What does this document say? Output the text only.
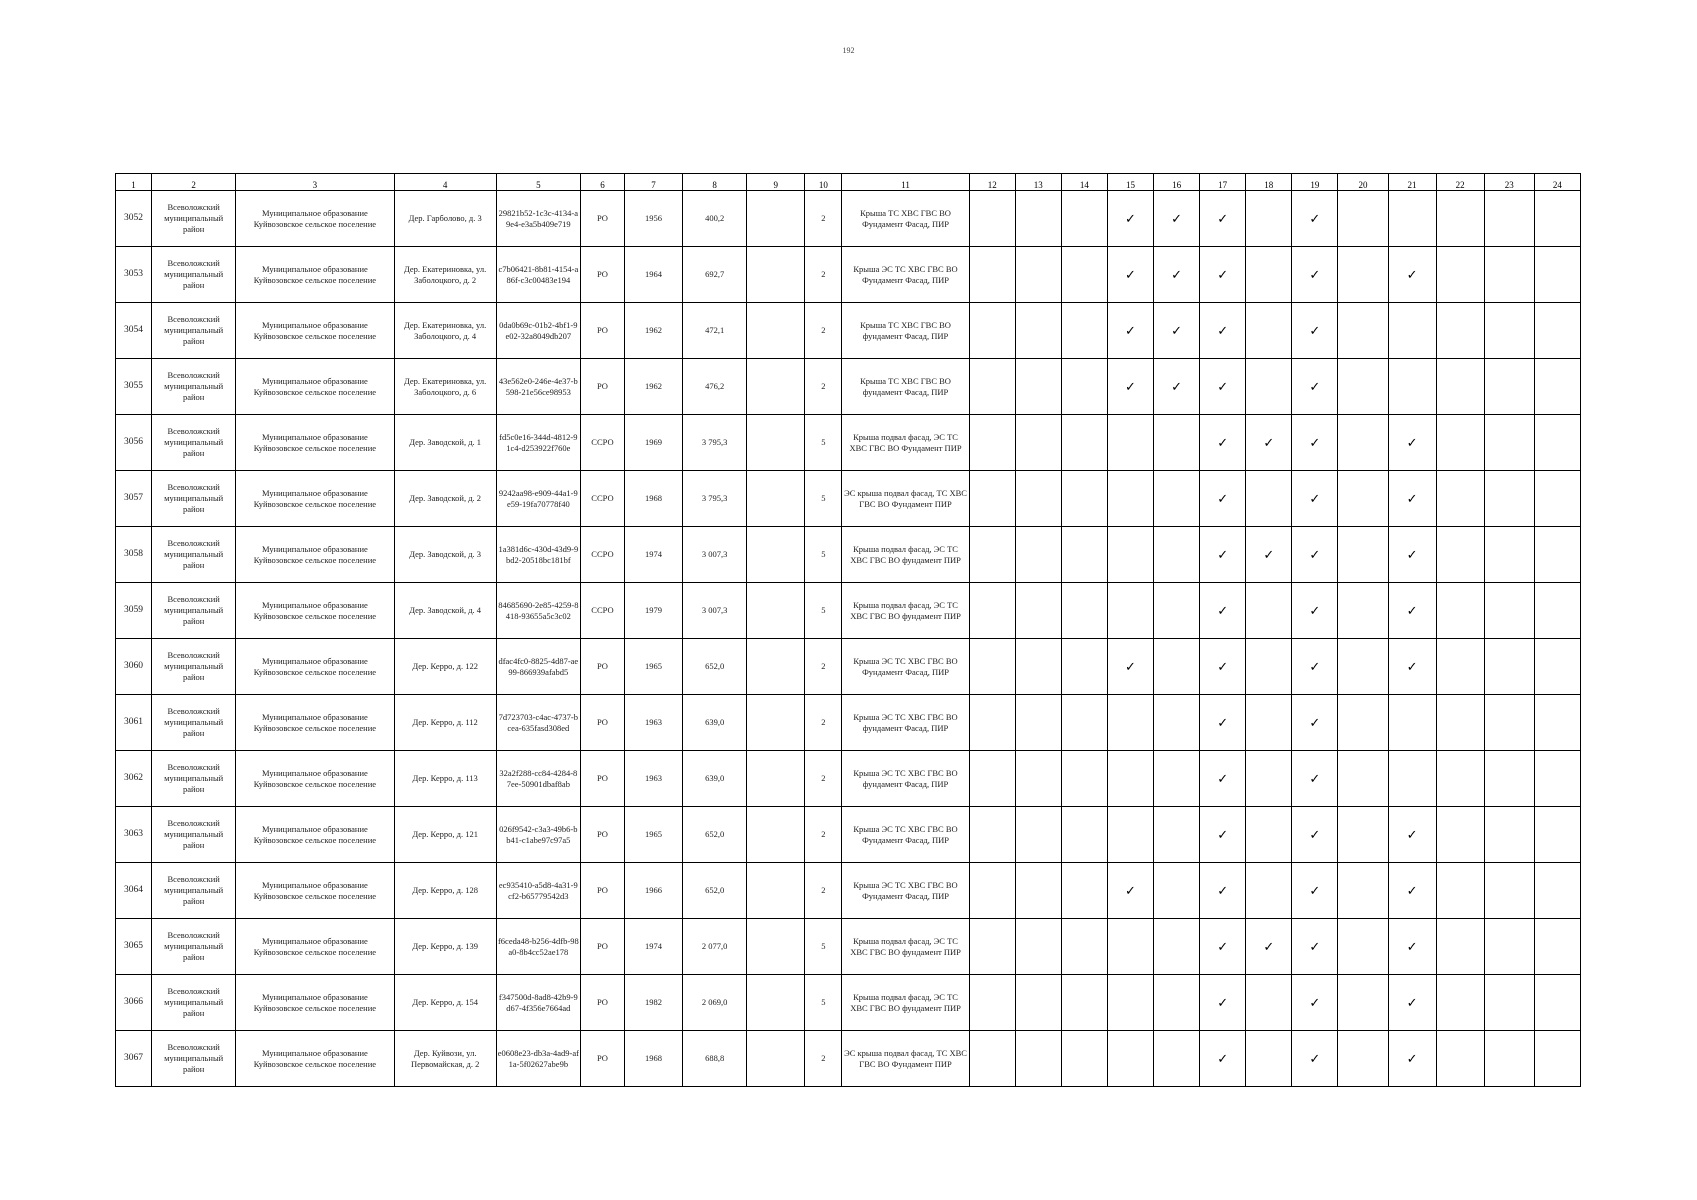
192
1	2	3	4	5	6	7	8	9	10	11	12	13	14	15	16	17	18	19	20	21	22	23	24
3052	Всеволожский муниципальный район	Муниципальное образование Куйвозовское сельское поселение	Дер. Гарболово, д. 3	29821b52-1c3c-4134-a9e4-e3a5b409e719	РО	1956	400,2		2	Крыша ТС ХВС ГВС ВО Фундамент Фасад, ПИР				✓	✓	✓		✓					
3053	Всеволожский муниципальный район	Муниципальное образование Куйвозовское сельское поселение	Дер. Екатериновка, ул. Заболоцкого, д. 2	c7b06421-8b81-4154-a86f-c3c00483e194	РО	1964	692,7		2	Крыша ЭС ТС ХВС ГВС ВО Фундамент Фасад, ПИР				✓	✓	✓		✓		✓			
3054	Всеволожский муниципальный район	Муниципальное образование Куйвозовское сельское поселение	Дер. Екатериновка, ул. Заболоцкого, д. 4	0da0b69c-01b2-4bf1-9e02-32a8049db207	РО	1962	472,1		2	Крыша ТС ХВС ГВС ВО фундамент Фасад, ПИР				✓	✓	✓		✓					
3055	Всеволожский муниципальный район	Муниципальное образование Куйвозовское сельское поселение	Дер. Екатериновка, ул. Заболоцкого, д. 6	43e562e0-246e-4e37-b598-21e56ce98953	РО	1962	476,2		2	Крыша ТС ХВС ГВС ВО фундамент Фасад, ПИР				✓	✓	✓		✓					
3056	Всеволожский муниципальный район	Муниципальное образование Куйвозовское сельское поселение	Дер. Заводской, д. 1	fd5c0e16-344d-4812-91c4-d253922f760e	ССРО	1969	3 795,3		5	Крыша подвал фасад, ЭС ТС ХВС ГВС ВО Фундамент ПИР						✓	✓	✓		✓			
3057	Всеволожский муниципальный район	Муниципальное образование Куйвозовское сельское поселение	Дер. Заводской, д. 2	9242aa98-e909-44a1-9e59-19fa70778f40	ССРО	1968	3 795,3		5	ЭС крыша подвал фасад, ТС ХВС ГВС ВО Фундамент ПИР						✓		✓		✓			
3058	Всеволожский муниципальный район	Муниципальное образование Куйвозовское сельское поселение	Дер. Заводской, д. 3	1a381d6c-430d-43d9-9bd2-20518bc181bf	ССРО	1974	3 007,3		5	Крыша подвал фасад, ЭС ТС ХВС ГВС ВО фундамент ПИР						✓	✓	✓		✓			
3059	Всеволожский муниципальный район	Муниципальное образование Куйвозовское сельское поселение	Дер. Заводской, д. 4	84685690-2e85-4259-8418-93655a5c3c02	ССРО	1979	3 007,3		5	Крыша подвал фасад, ЭС ТС ХВС ГВС ВО фундамент ПИР						✓		✓		✓			
3060	Всеволожский муниципальный район	Муниципальное образование Куйвозовское сельское поселение	Дер. Керро, д. 122	dfac4fc0-8825-4d87-ae99-866939afabd5	РО	1965	652,0		2	Крыша ЭС ТС ХВС ГВС ВО Фундамент Фасад, ПИР				✓		✓		✓		✓			
3061	Всеволожский муниципальный район	Муниципальное образование Куйвозовское сельское поселение	Дер. Керро, д. 112	7d723703-c4ac-4737-bcea-635fasd308ed	РО	1963	639,0		2	Крыша ЭС ТС ХВС ГВС ВО фундамент Фасад, ПИР						✓		✓					
3062	Всеволожский муниципальный район	Муниципальное образование Куйвозовское сельское поселение	Дер. Керро, д. 113	32a2f288-cc84-4284-87ee-50901dbaf8ab	РО	1963	639,0		2	Крыша ЭС ТС ХВС ГВС ВО фундамент Фасад, ПИР						✓		✓					
3063	Всеволожский муниципальный район	Муниципальное образование Куйвозовское сельское поселение	Дер. Керро, д. 121	026f9542-c3a3-49b6-bb41-c1abe97c97a5	РО	1965	652,0		2	Крыша ЭС ТС ХВС ГВС ВО Фундамент Фасад, ПИР						✓		✓		✓			
3064	Всеволожский муниципальный район	Муниципальное образование Куйвозовское сельское поселение	Дер. Керро, д. 128	ec935410-a5d8-4a31-9cf2-b65779542d3	РО	1966	652,0		2	Крыша ЭС ТС ХВС ГВС ВО Фундамент Фасад, ПИР				✓		✓		✓		✓			
3065	Всеволожский муниципальный район	Муниципальное образование Куйвозовское сельское поселение	Дер. Керро, д. 139	f6ceda48-b256-4dfb-98a0-8b4cc52ae178	РО	1974	2 077,0		5	Крыша подвал фасад, ЭС ТС ХВС ГВС ВО фундамент ПИР						✓	✓	✓		✓			
3066	Всеволожский муниципальный район	Муниципальное образование Куйвозовское сельское поселение	Дер. Керро, д. 154	f347500d-8ad8-42b9-9d67-4f356e7664ad	РО	1982	2 069,0		5	Крыша подвал фасад, ЭС ТС ХВС ГВС ВО фундамент ПИР						✓		✓		✓			
3067	Всеволожский муниципальный район	Муниципальное образование Куйвозовское сельское поселение	Дер. Куйвози, ул. Первомайская, д. 2	e0608e23-db3a-4ad9-af1a-5f02627abe9b	РО	1968	688,8		2	ЭС крыша подвал фасад, ТС ХВС ГВС ВО Фундамент ПИР						✓		✓		✓			
